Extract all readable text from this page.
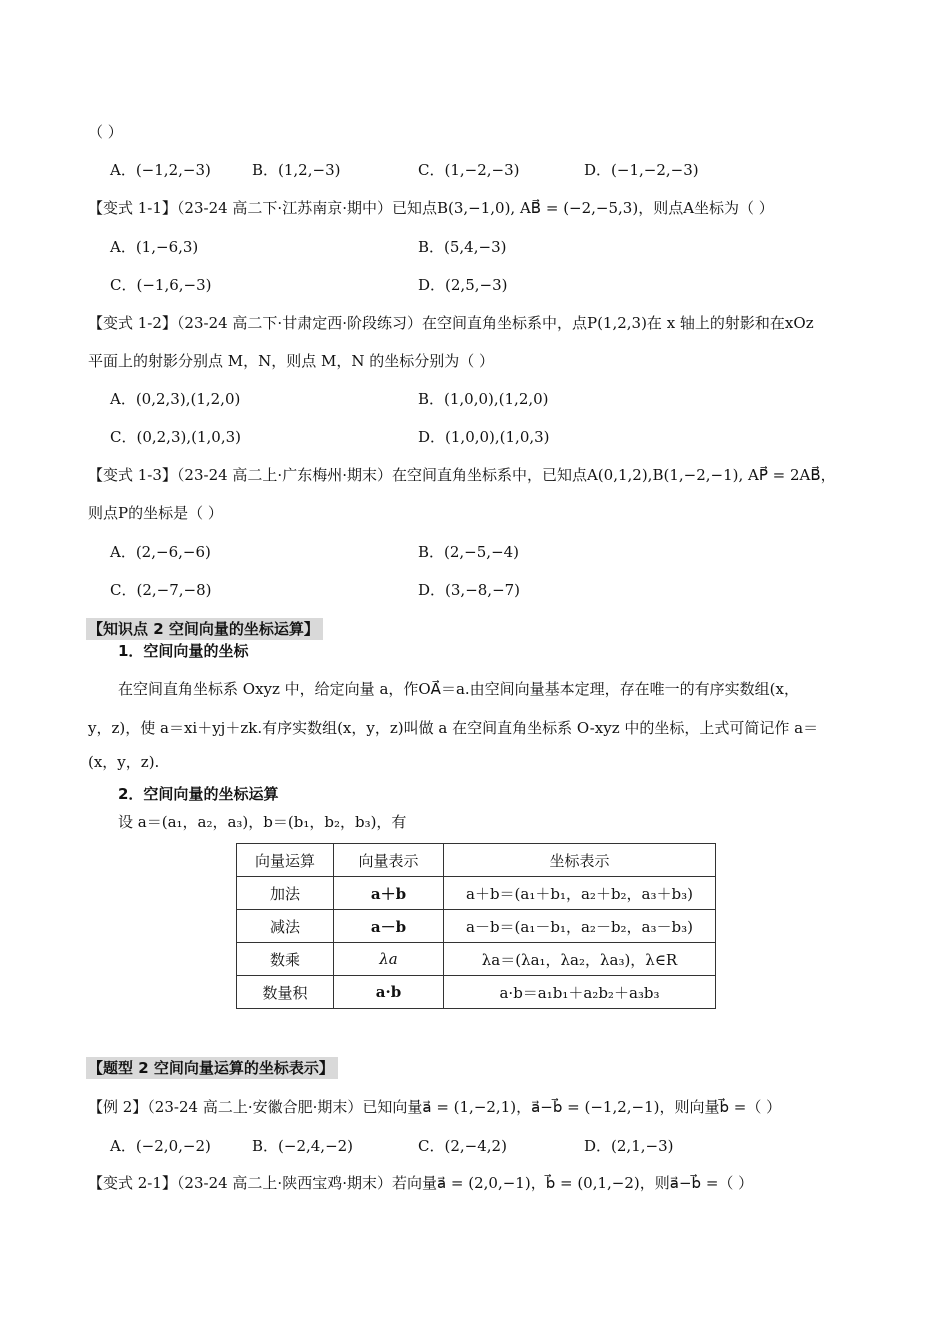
（ ）
A．(−1,2,−3)	B．(1,2,−3)	C．(1,−2,−3)	D．(−1,−2,−3)
【变式 1-1】（23-24 高二下·江苏南京·期中）已知点B(3,−1,0), AB⃗ = (−2,−5,3)，则点A坐标为（ ）
A．(1,−6,3)	B．(5,4,−3)
C．(−1,6,−3)	D．(2,5,−3)
【变式 1-2】（23-24 高二下·甘肃定西·阶段练习）在空间直角坐标系中，点P(1,2,3)在 x 轴上的射影和在xOz
平面上的射影分别点 M，N，则点 M，N 的坐标分别为（ ）
A．(0,2,3),(1,2,0)	B．(1,0,0),(1,2,0)
C．(0,2,3),(1,0,3)	D．(1,0,0),(1,0,3)
【变式 1-3】（23-24 高二上·广东梅州·期末）在空间直角坐标系中，已知点A(0,1,2),B(1,−2,−1), AP⃗ = 2AB⃗，
则点P的坐标是（ ）
A．(2,−6,−6)	B．(2,−5,−4)
C．(2,−7,−8)	D．(3,−8,−7)
【知识点 2 空间向量的坐标运算】
1．空间向量的坐标
在空间直角坐标系 Oxyz 中，给定向量 a，作OA⃗＝a.由空间向量基本定理，存在唯一的有序实数组(x，
y，z)，使 a＝xi＋yj＋zk.有序实数组(x，y，z)叫做 a 在空间直角坐标系 O-xyz 中的坐标，上式可简记作 a＝
(x，y，z).
2．空间向量的坐标运算
设 a＝(a₁，a₂，a₃)，b＝(b₁，b₂，b₃)，有
向量运算	向量表示	坐标表示
加法	a＋b	a＋b＝(a₁＋b₁，a₂＋b₂，a₃＋b₃)
减法	a－b	a－b＝(a₁－b₁，a₂－b₂，a₃－b₃)
数乘	λa	λa＝(λa₁，λa₂，λa₃)，λ∈R
数量积	a·b	a·b＝a₁b₁＋a₂b₂＋a₃b₃
【题型 2 空间向量运算的坐标表示】
【例 2】（23-24 高二上·安徽合肥·期末）已知向量a⃗ = (1,−2,1)，a⃗−b⃗ = (−1,2,−1)，则向量b⃗ =（ ）
A．(−2,0,−2)	B．(−2,4,−2)	C．(2,−4,2)	D．(2,1,−3)
【变式 2-1】（23-24 高二上·陕西宝鸡·期末）若向量a⃗ = (2,0,−1)，b⃗ = (0,1,−2)，则a⃗−b⃗ =（ ）
